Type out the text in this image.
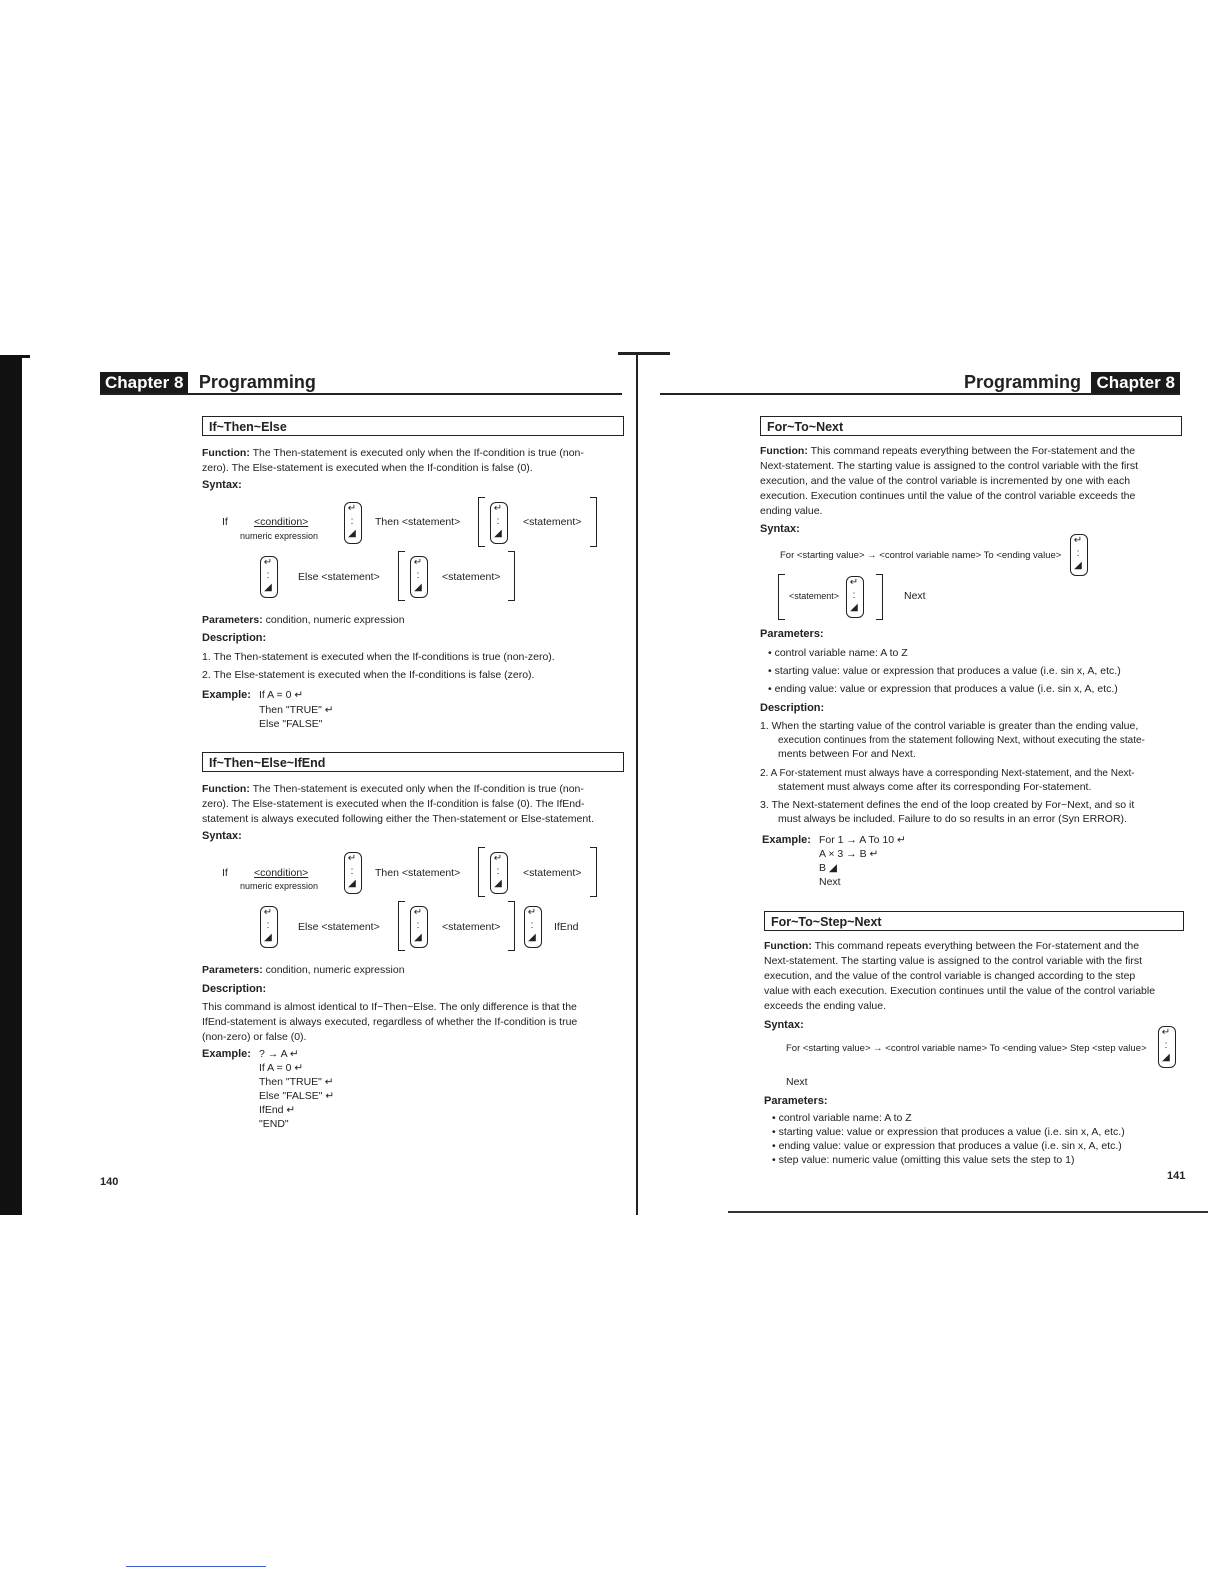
Chapter 8 Programming
If~Then~Else
Function: The Then-statement is executed only when the If-condition is true (non-
zero). The Else-statement is executed when the If-condition is false (0).
Syntax:
If <condition>
numeric expression
↵
:
◢
Then <statement>
↵
:
◢
<statement>
↵
:
◢
Else <statement>
↵
:
◢
<statement>
Parameters: condition, numeric expression
Description:
1. The Then-statement is executed when the If-conditions is true (non-zero).
2. The Else-statement is executed when the If-conditions is false (zero).
Example: If A = 0 ↵
Then "TRUE" ↵
Else "FALSE"
If~Then~Else~IfEnd
Function: The Then-statement is executed only when the If-condition is true (non-
zero). The Else-statement is executed when the If-condition is false (0). The IfEnd-
statement is always executed following either the Then-statement or Else-statement.
Syntax:
If <condition>
numeric expression
↵
:
◢
Then <statement>
↵
:
◢
<statement>
↵
:
◢
Else <statement>
↵
:
◢
<statement>
↵
:
◢
IfEnd
Parameters: condition, numeric expression
Description:
This command is almost identical to If~Then~Else. The only difference is that the
IfEnd-statement is always executed, regardless of whether the If-condition is true
(non-zero) or false (0).
Example: ? → A ↵
If A = 0 ↵
Then "TRUE" ↵
Else "FALSE" ↵
IfEnd ↵
"END"
140
Programming Chapter 8
For~To~Next
Function: This command repeats everything between the For-statement and the
Next-statement. The starting value is assigned to the control variable with the first
execution, and the value of the control variable is incremented by one with each
execution. Execution continues until the value of the control variable exceeds the
ending value.
Syntax:
For <starting value> → <control variable name> To <ending value>
↵
:
◢
<statement>
↵
:
◢
Next
Parameters:
• control variable name: A to Z
• starting value: value or expression that produces a value (i.e. sin x, A, etc.)
• ending value: value or expression that produces a value (i.e. sin x, A, etc.)
Description:
1. When the starting value of the control variable is greater than the ending value,
execution continues from the statement following Next, without executing the state-
ments between For and Next.
2. A For-statement must always have a corresponding Next-statement, and the Next-
statement must always come after its corresponding For-statement.
3. The Next-statement defines the end of the loop created by For~Next, and so it
must always be included. Failure to do so results in an error (Syn ERROR).
Example: For 1 → A To 10 ↵
A × 3 → B ↵
B ◢
Next
For~To~Step~Next
Function: This command repeats everything between the For-statement and the
Next-statement. The starting value is assigned to the control variable with the first
execution, and the value of the control variable is changed according to the step
value with each execution. Execution continues until the value of the control variable
exceeds the ending value.
Syntax:
For <starting value> → <control variable name> To <ending value> Step <step value>
↵
:
◢
Next
Parameters:
• control variable name: A to Z
• starting value: value or expression that produces a value (i.e. sin x, A, etc.)
• ending value: value or expression that produces a value (i.e. sin x, A, etc.)
• step value: numeric value (omitting this value sets the step to 1)
141
